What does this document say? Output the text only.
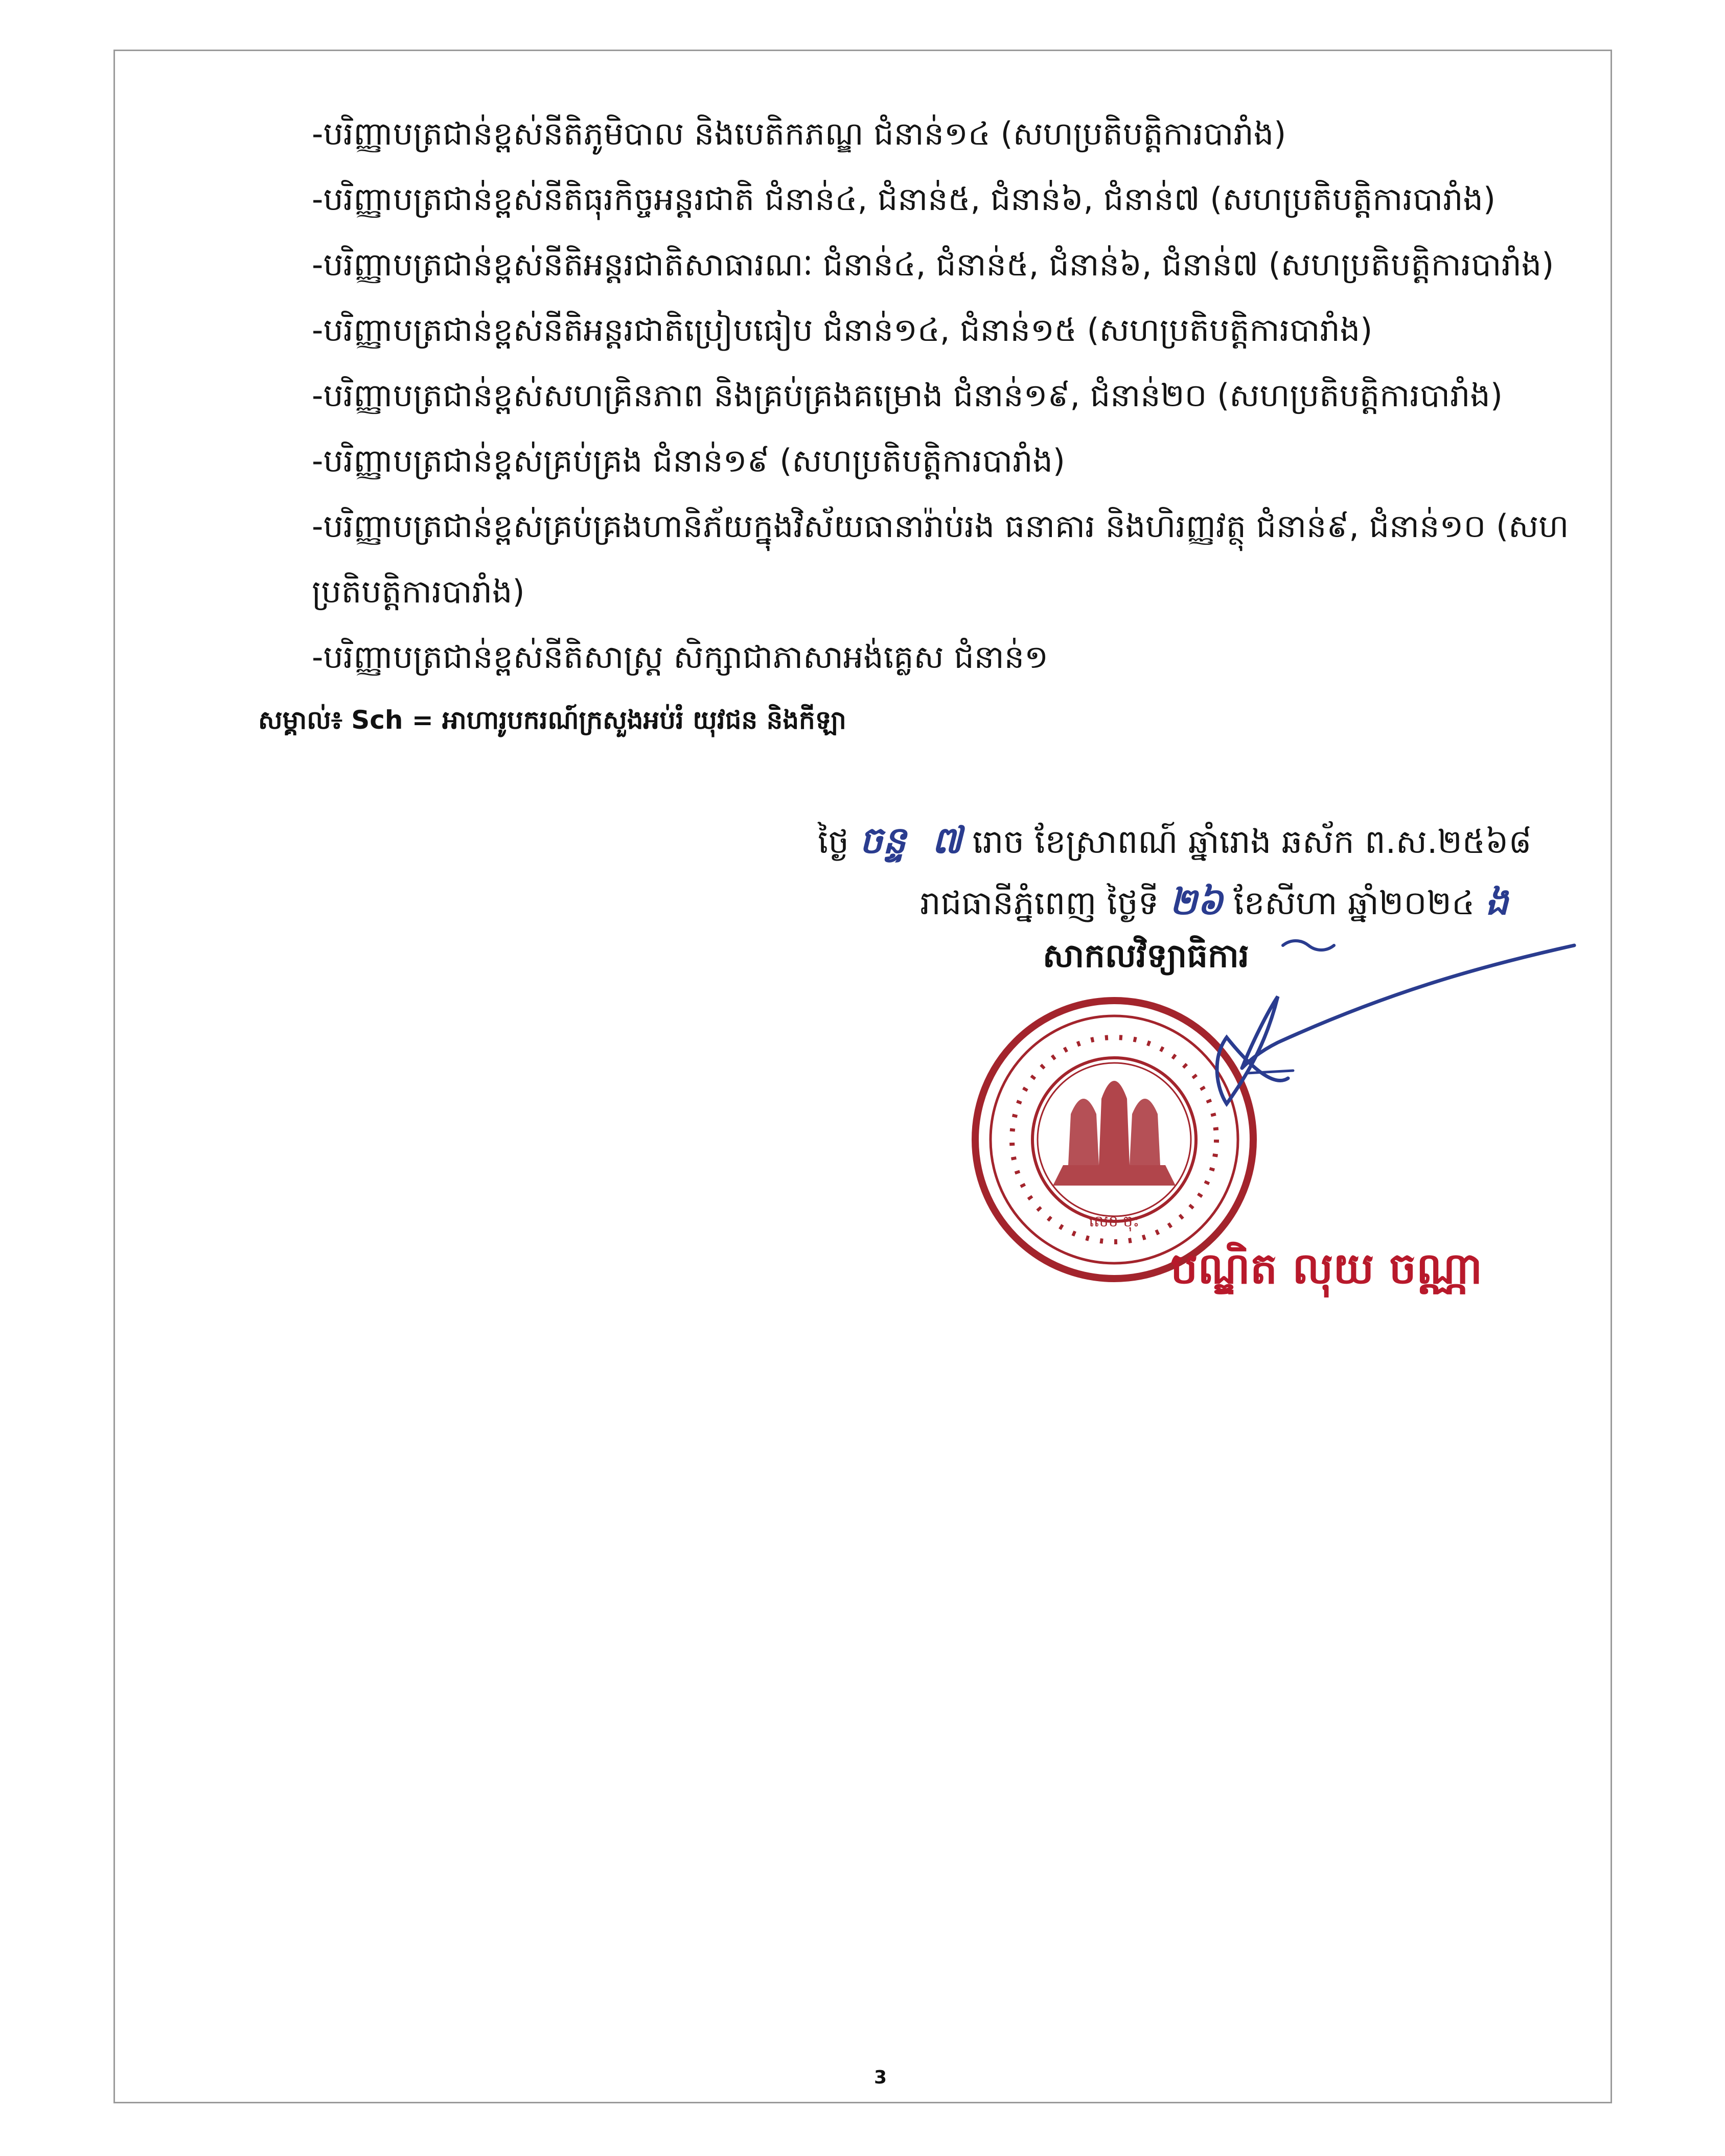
-បរិញ្ញាបត្រជាន់ខ្ពស់នីតិភូមិបាល និងបេតិកភណ្ឌ ជំនាន់១៤ (សហប្រតិបត្តិការបារាំង)
-បរិញ្ញាបត្រជាន់ខ្ពស់នីតិធុរកិច្ចអន្តរជាតិ ជំនាន់៤, ជំនាន់៥, ជំនាន់៦, ជំនាន់៧ (សហប្រតិបត្តិការបារាំង)
-បរិញ្ញាបត្រជាន់ខ្ពស់នីតិអន្តរជាតិសាធារណៈ ជំនាន់៤, ជំនាន់៥, ជំនាន់៦, ជំនាន់៧ (សហប្រតិបត្តិការបារាំង)
-បរិញ្ញាបត្រជាន់ខ្ពស់នីតិអន្តរជាតិប្រៀបធៀប ជំនាន់១៤, ជំនាន់១៥ (សហប្រតិបត្តិការបារាំង)
-បរិញ្ញាបត្រជាន់ខ្ពស់សហគ្រិនភាព និងគ្រប់គ្រងគម្រោង ជំនាន់១៩, ជំនាន់២០ (សហប្រតិបត្តិការបារាំង)
-បរិញ្ញាបត្រជាន់ខ្ពស់គ្រប់គ្រង ជំនាន់១៩ (សហប្រតិបត្តិការបារាំង)
-បរិញ្ញាបត្រជាន់ខ្ពស់គ្រប់គ្រងហានិភ័យក្នុងវិស័យធានារ៉ាប់រង ធនាគារ និងហិរញ្ញវត្ថុ ជំនាន់៩, ជំនាន់១០ (សហ
ប្រតិបត្តិការបារាំង)
-បរិញ្ញាបត្រជាន់ខ្ពស់នីតិសាស្ត្រ សិក្សាជាភាសាអង់គ្លេស ជំនាន់១
សម្គាល់៖ Sch = អាហារូបករណ៍ក្រសួងអប់រំ យុវជន និងកីឡា
ថ្ងៃ ចន្ទ ៧ រោច ខែស្រាពណ៍ ឆ្នាំរោង ឆស័ក ព.ស.២៥៦៨
រាជធានីភ្នំពេញ ថ្ងៃទី ២៦ ខែសីហា ឆ្នាំ២០២៤ ង
សាកលវិទ្យាធិការ
លេខ ចុះ
បណ្ឌិត លុយ ចណ្ណា
3
